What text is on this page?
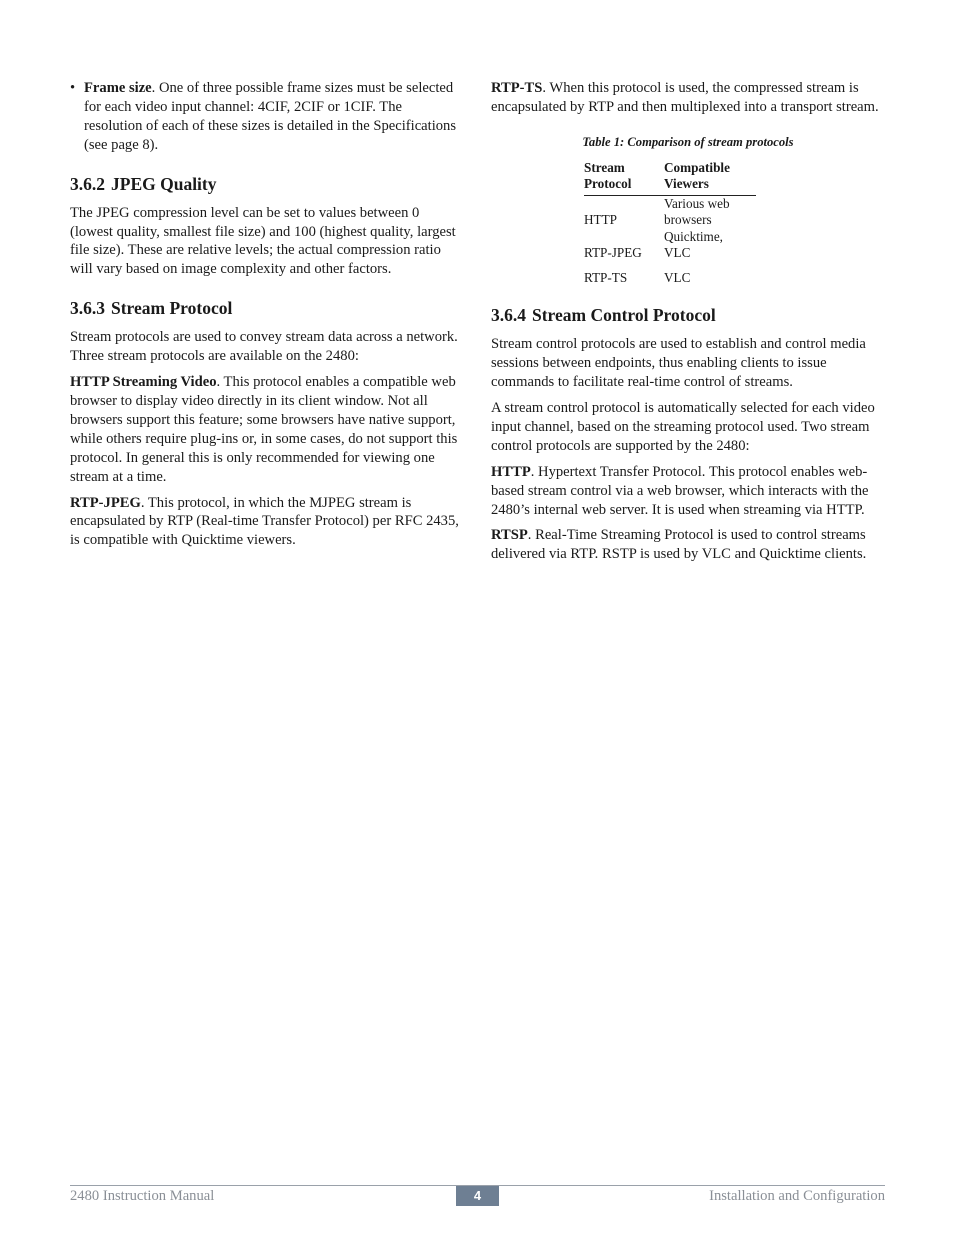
• Frame size. One of three possible frame sizes must be selected for each video input channel: 4CIF, 2CIF or 1CIF. The resolution of each of these sizes is detailed in the Specifications (see page 8).
3.6.2 JPEG Quality

The JPEG compression level can be set to values between 0 (lowest quality, smallest file size) and 100 (highest quality, largest file size). These are relative levels; the actual compression ratio will vary based on image complexity and other factors.

3.6.3 Stream Protocol

Stream protocols are used to convey stream data across a network. Three stream protocols are available on the 2480:

HTTP Streaming Video. This protocol enables a compatible web browser to display video directly in its client window. Not all browsers support this feature; some browsers have native support, while others require plug-ins or, in some cases, do not support this protocol. In general this is only recommended for viewing one stream at a time.

RTP-JPEG. This protocol, in which the MJPEG stream is encapsulated by RTP (Real-time Transfer Protocol) per RFC 2435, is compatible with Quicktime viewers.

RTP-TS. When this protocol is used, the compressed stream is encapsulated by RTP and then multiplexed into a transport stream.

Table 1: Comparison of stream protocols
Stream Protocol	Compatible Viewers
HTTP	Various web browsers
RTP-JPEG	Quicktime, VLC
RTP-TS	VLC
3.6.4 Stream Control Protocol

Stream control protocols are used to establish and control media sessions between endpoints, thus enabling clients to issue commands to facilitate real-time control of streams.

A stream control protocol is automatically selected for each video input channel, based on the streaming protocol used. Two stream control protocols are supported by the 2480:

HTTP. Hypertext Transfer Protocol. This protocol enables web-based stream control via a web browser, which interacts with the 2480’s internal web server. It is used when streaming via HTTP.

RTSP. Real-Time Streaming Protocol is used to control streams delivered via RTP. RSTP is used by VLC and Quicktime clients.

2480 Instruction Manual	4	Installation and Configuration
